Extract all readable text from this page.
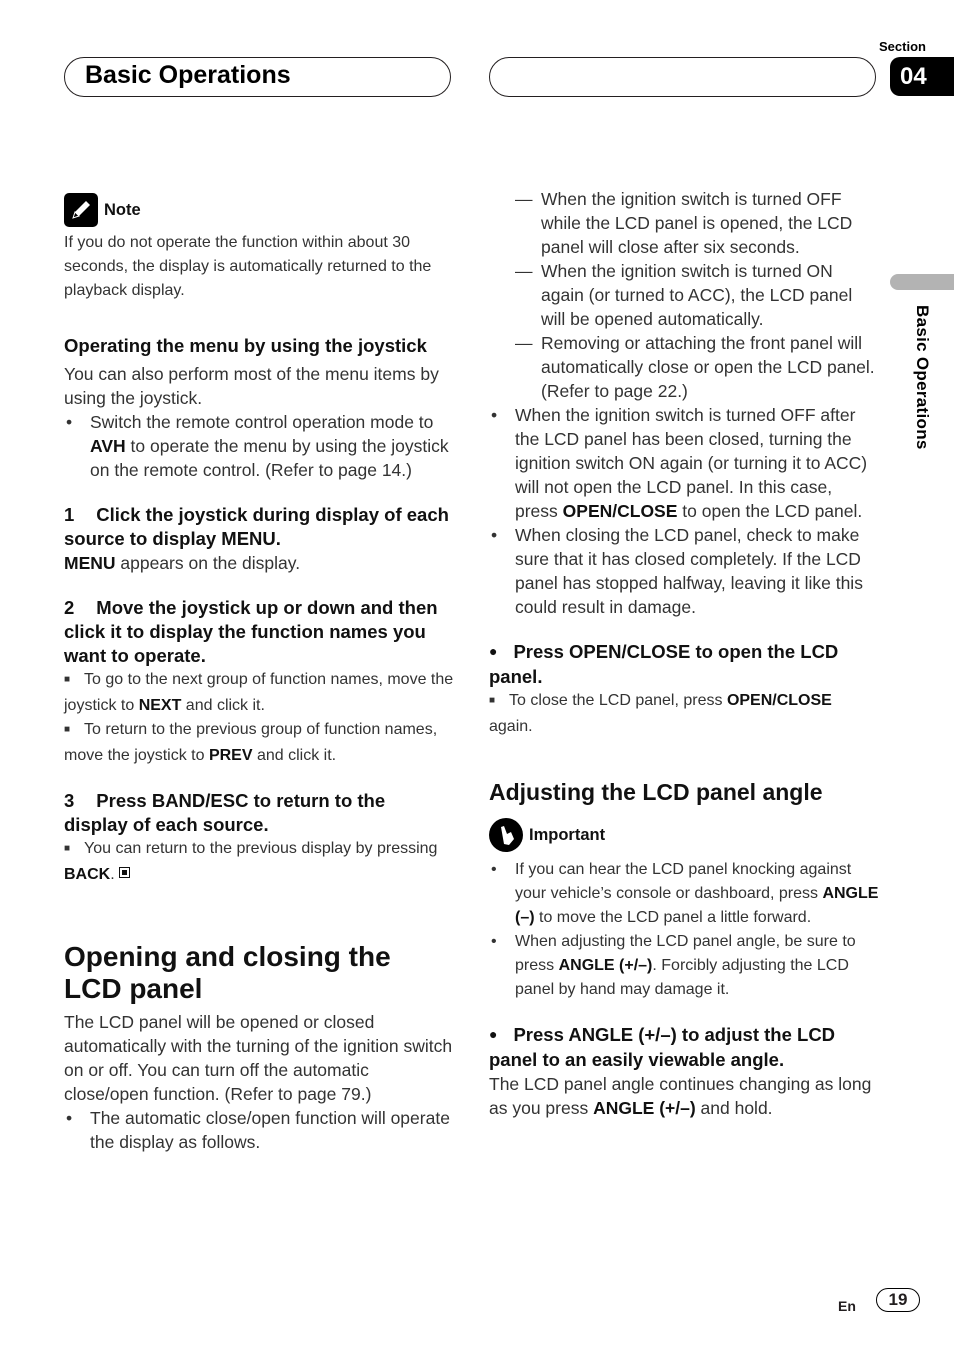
Basic Operations
Section
04
Basic Operations
Note

If you do not operate the function within about 30 seconds, the display is automatically returned to the playback display.

Operating the menu by using the joystick

You can also perform most of the menu items by using the joystick.

• Switch the remote control operation mode to AVH to operate the menu by using the joystick on the remote control. (Refer to page 14.)

1 Click the joystick during display of each source to display MENU.

MENU appears on the display.

2 Move the joystick up or down and then click it to display the function names you want to operate.

■ To go to the next group of function names, move the joystick to NEXT and click it.

■ To return to the previous group of function names, move the joystick to PREV and click it.

3 Press BAND/ESC to return to the display of each source.

■ You can return to the previous display by pressing BACK.

Opening and closing the LCD panel

The LCD panel will be opened or closed automatically with the turning of the ignition switch on or off. You can turn off the automatic close/open function. (Refer to page 79.)

• The automatic close/open function will operate the display as follows.

— When the ignition switch is turned OFF while the LCD panel is opened, the LCD panel will close after six seconds.

— When the ignition switch is turned ON again (or turned to ACC), the LCD panel will be opened automatically.

— Removing or attaching the front panel will automatically close or open the LCD panel. (Refer to page 22.)

• When the ignition switch is turned OFF after the LCD panel has been closed, turning the ignition switch ON again (or turning it to ACC) will not open the LCD panel. In this case, press OPEN/CLOSE to open the LCD panel.

• When closing the LCD panel, check to make sure that it has closed completely. If the LCD panel has stopped halfway, leaving it like this could result in damage.

● Press OPEN/CLOSE to open the LCD panel.

■ To close the LCD panel, press OPEN/CLOSE again.

Adjusting the LCD panel angle

Important

• If you can hear the LCD panel knocking against your vehicle’s console or dashboard, press ANGLE (–) to move the LCD panel a little forward.

• When adjusting the LCD panel angle, be sure to press ANGLE (+/–). Forcibly adjusting the LCD panel by hand may damage it.

● Press ANGLE (+/–) to adjust the LCD panel to an easily viewable angle.

The LCD panel angle continues changing as long as you press ANGLE (+/–) and hold.

En	19
